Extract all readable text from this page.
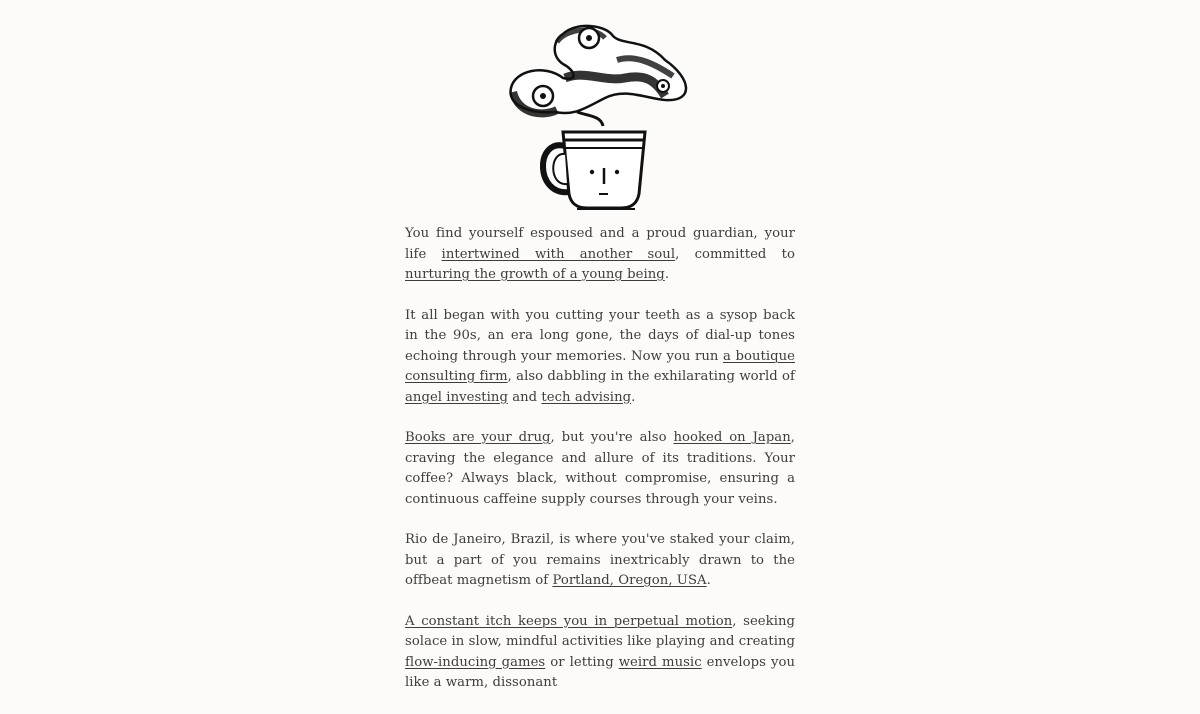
You find yourself espoused and a proud guardian, your life intertwined with another soul, committed to nurturing the growth of a young being.

It all began with you cutting your teeth as a sysop back in the 90s, an era long gone, the days of dial-up tones echoing through your memories. Now you run a boutique consulting firm, also dabbling in the exhilarating world of angel investing and tech advising.

Books are your drug, but you're also hooked on Japan, craving the elegance and allure of its traditions. Your coffee? Always black, without compromise, ensuring a continuous caffeine supply courses through your veins.

Rio de Janeiro, Brazil, is where you've staked your claim, but a part of you remains inextricably drawn to the offbeat magnetism of Portland, Oregon, USA.

A constant itch keeps you in perpetual motion, seeking solace in slow, mindful activities like playing and creating flow-inducing games or letting weird music envelops you like a warm, dissonant
